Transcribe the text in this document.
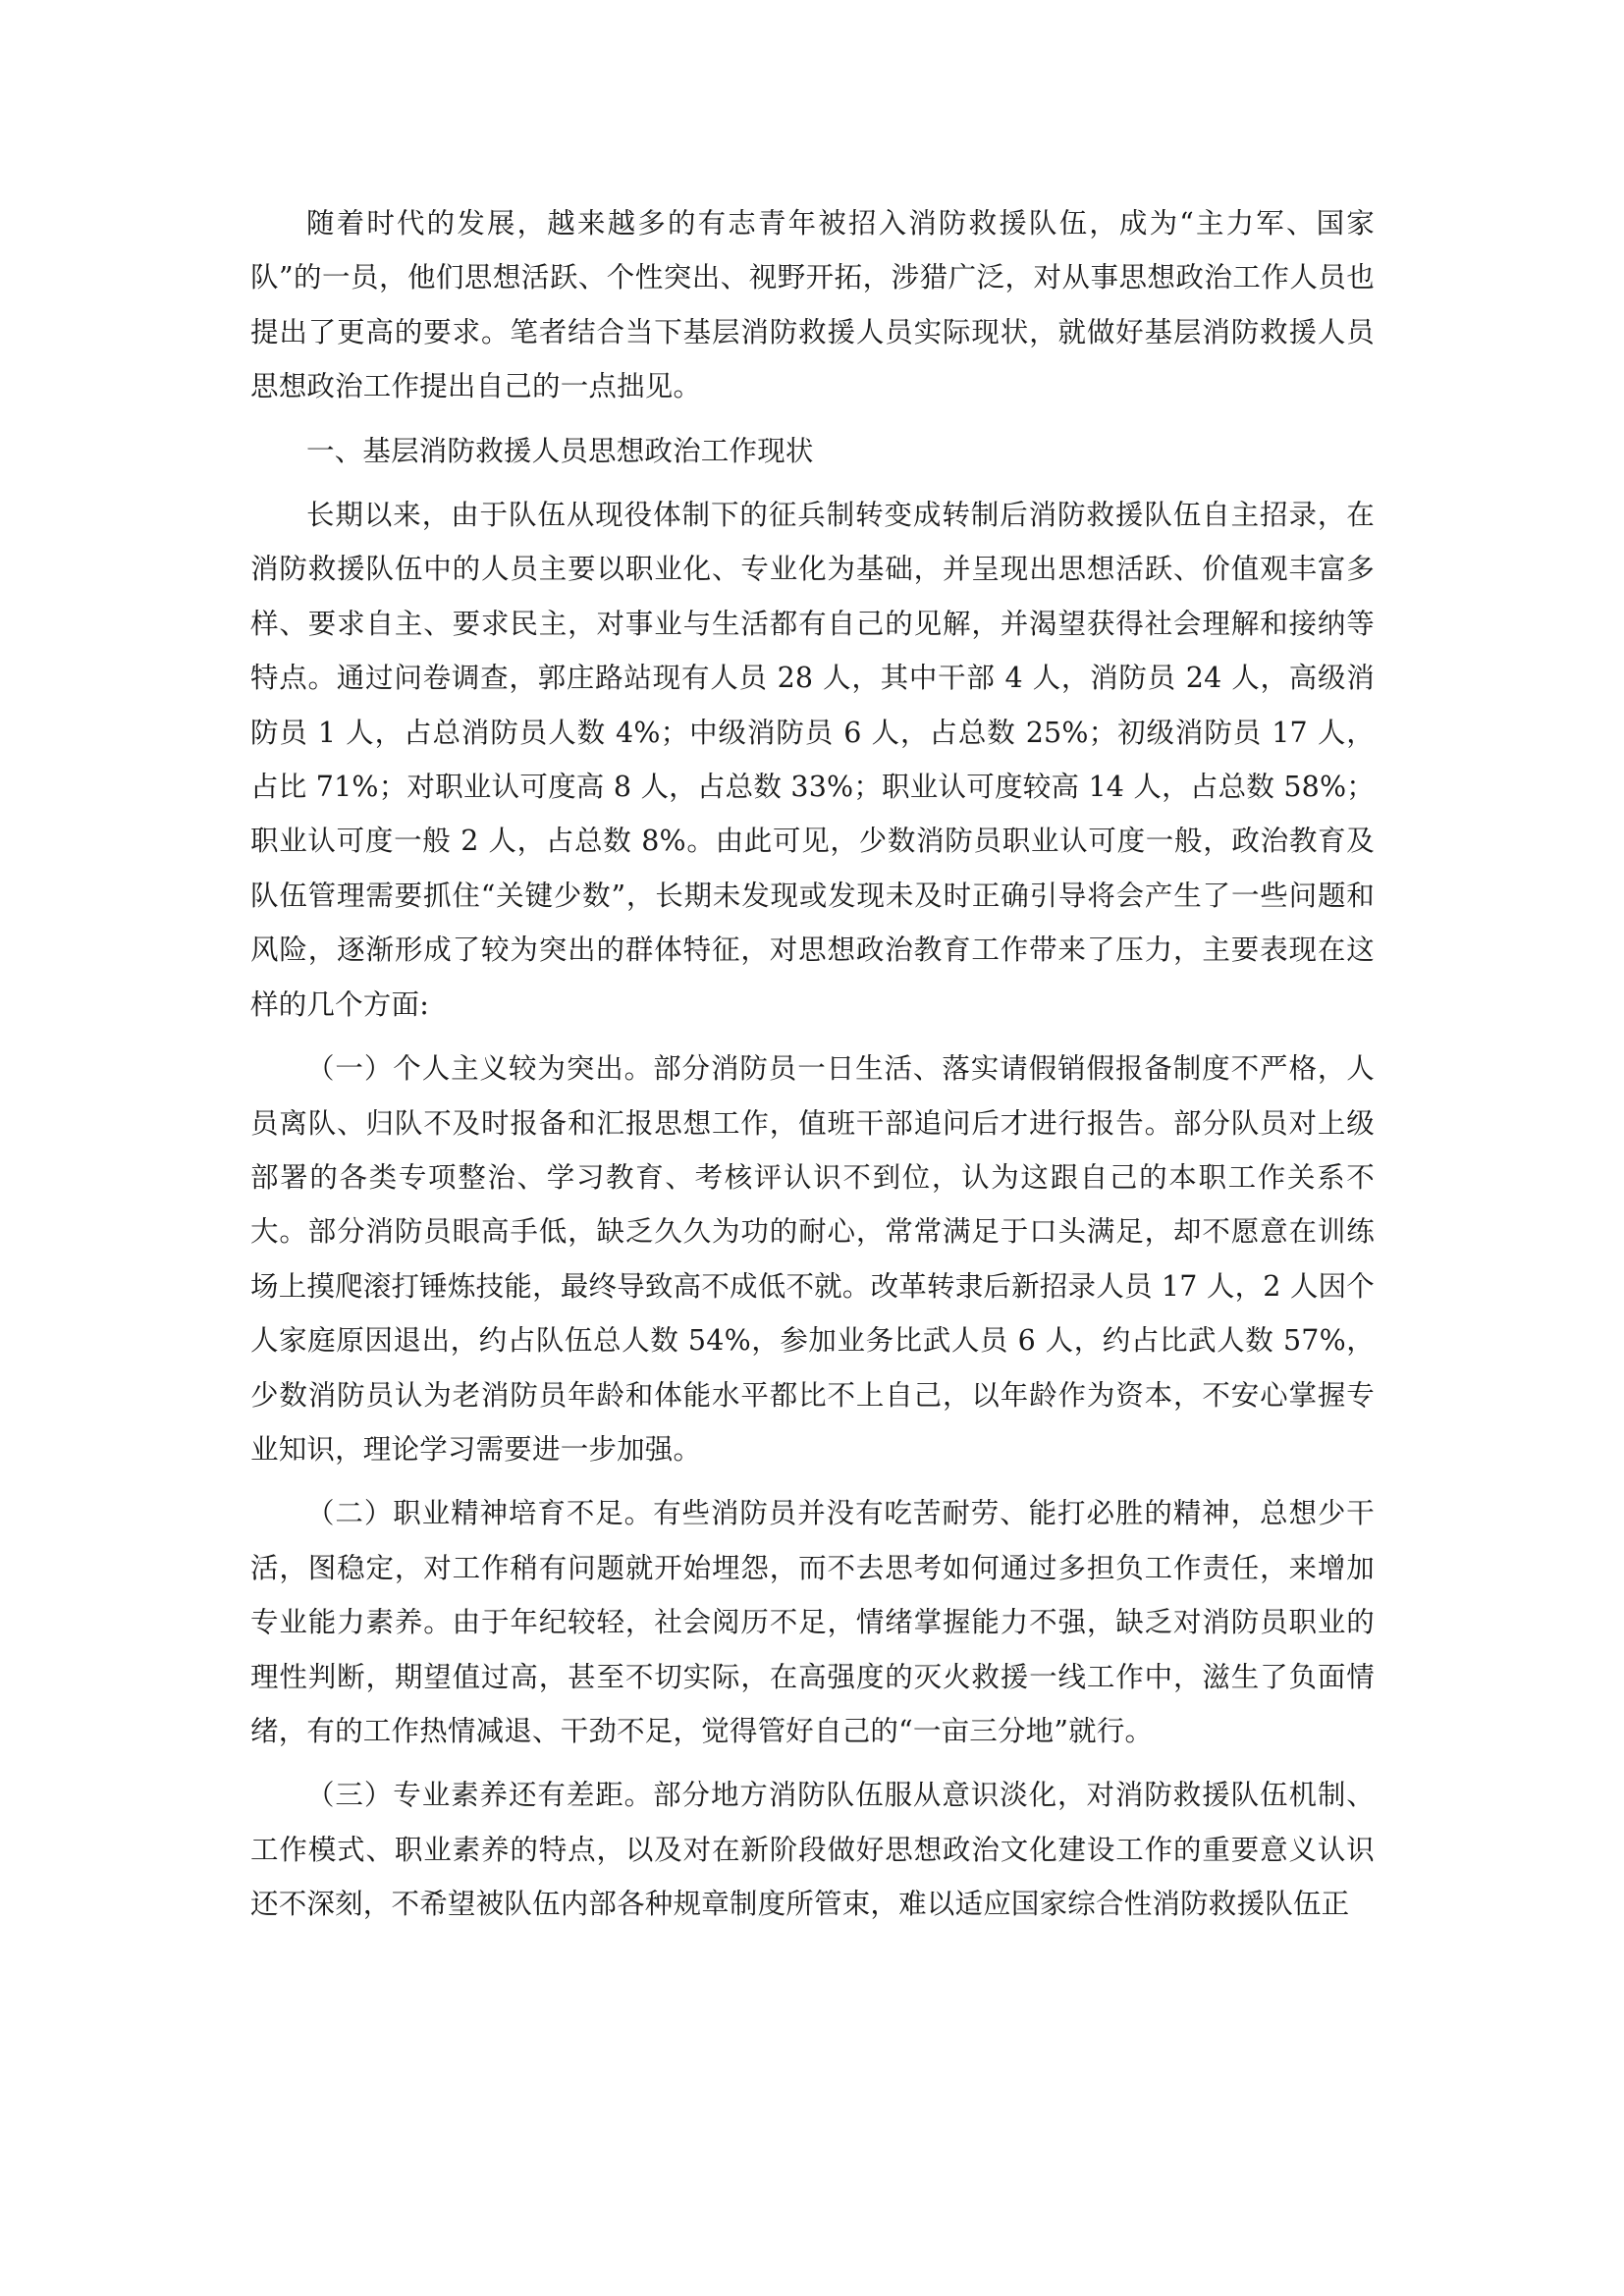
随着时代的发展，越来越多的有志青年被招入消防救援队伍，成为“主力军、国家队”的一员，他们思想活跃、个性突出、视野开拓，涉猎广泛，对从事思想政治工作人员也提出了更高的要求。笔者结合当下基层消防救援人员实际现状，就做好基层消防救援人员思想政治工作提出自己的一点拙见。

一、基层消防救援人员思想政治工作现状

长期以来，由于队伍从现役体制下的征兵制转变成转制后消防救援队伍自主招录，在消防救援队伍中的人员主要以职业化、专业化为基础，并呈现出思想活跃、价值观丰富多样、要求自主、要求民主，对事业与生活都有自己的见解，并渴望获得社会理解和接纳等特点。通过问卷调查，郭庄路站现有人员 28 人，其中干部 4 人，消防员 24 人，高级消防员 1 人，占总消防员人数 4%；中级消防员 6 人，占总数 25%；初级消防员 17 人，占比 71%；对职业认可度高 8 人，占总数 33%；职业认可度较高 14 人，占总数 58%；职业认可度一般 2 人，占总数 8%。由此可见，少数消防员职业认可度一般，政治教育及队伍管理需要抓住“关键少数”，长期未发现或发现未及时正确引导将会产生了一些问题和风险，逐渐形成了较为突出的群体特征，对思想政治教育工作带来了压力，主要表现在这样的几个方面:

（一）个人主义较为突出。部分消防员一日生活、落实请假销假报备制度不严格，人员离队、归队不及时报备和汇报思想工作，值班干部追问后才进行报告。部分队员对上级部署的各类专项整治、学习教育、考核评认识不到位，认为这跟自己的本职工作关系不大。部分消防员眼高手低，缺乏久久为功的耐心，常常满足于口头满足，却不愿意在训练场上摸爬滚打锤炼技能，最终导致高不成低不就。改革转隶后新招录人员 17 人，2 人因个人家庭原因退出，约占队伍总人数 54%，参加业务比武人员 6 人，约占比武人数 57%，少数消防员认为老消防员年龄和体能水平都比不上自己，以年龄作为资本，不安心掌握专业知识，理论学习需要进一步加强。

（二）职业精神培育不足。有些消防员并没有吃苦耐劳、能打必胜的精神，总想少干活，图稳定，对工作稍有问题就开始埋怨，而不去思考如何通过多担负工作责任，来增加专业能力素养。由于年纪较轻，社会阅历不足，情绪掌握能力不强，缺乏对消防员职业的理性判断，期望值过高，甚至不切实际，在高强度的灭火救援一线工作中，滋生了负面情绪，有的工作热情减退、干劲不足，觉得管好自己的“一亩三分地”就行。

（三）专业素养还有差距。部分地方消防队伍服从意识淡化，对消防救援队伍机制、工作模式、职业素养的特点，以及对在新阶段做好思想政治文化建设工作的重要意义认识还不深刻，不希望被队伍内部各种规章制度所管束，难以适应国家综合性消防救援队伍正
